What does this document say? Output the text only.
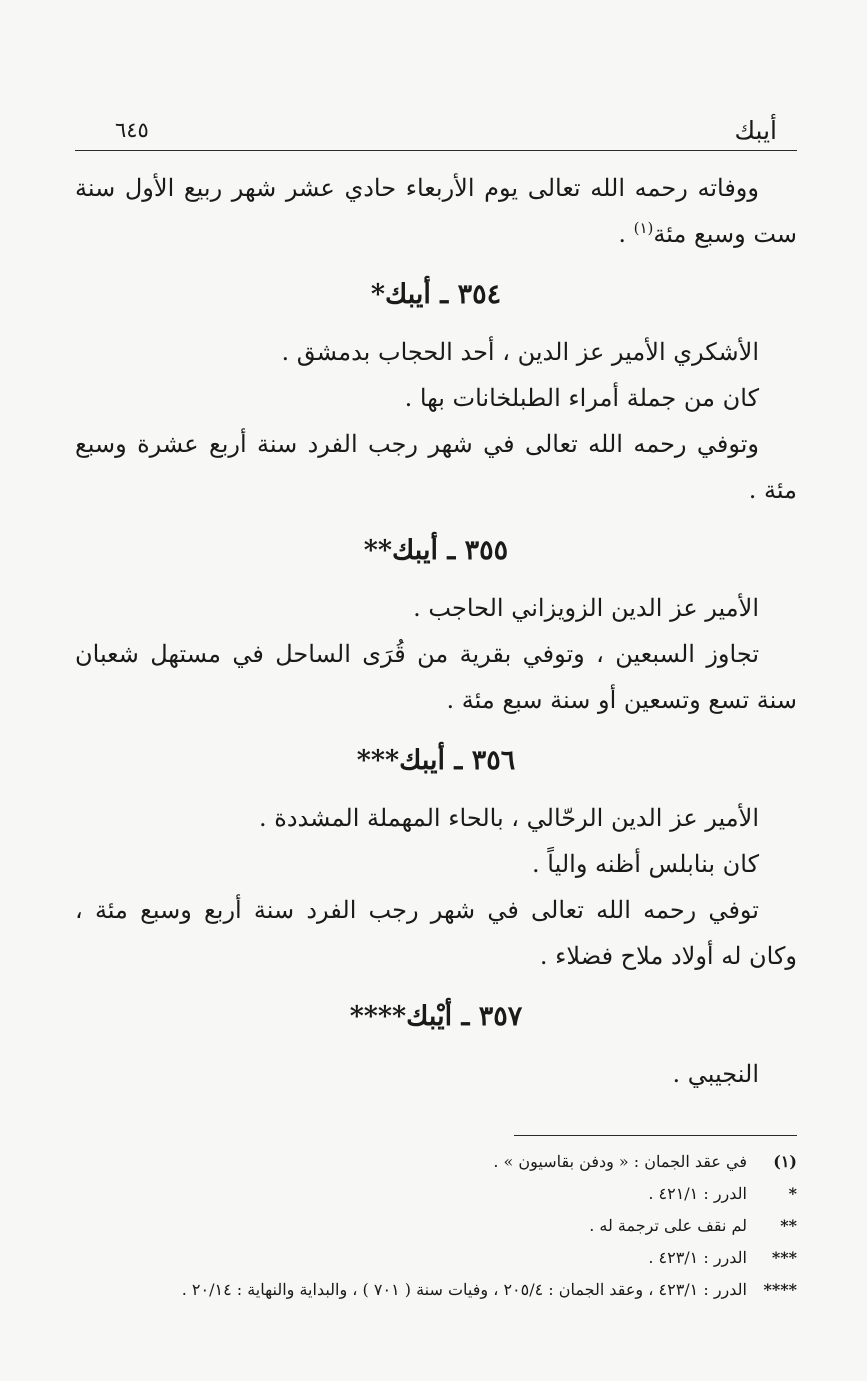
أيبك
٦٤٥

ووفاته رحمه الله تعالى يوم الأربعاء حادي عشر شهر ربيع الأول سنة ست وسبع مئة$^{(١)}$ .

٣٥٤ ـ أيبك*

الأشكري الأمير عز الدين ، أحد الحجاب بدمشق .

كان من جملة أمراء الطبلخانات بها .

وتوفي رحمه الله تعالى في شهر رجب الفرد سنة أربع عشرة وسبع مئة .

٣٥٥ ـ أيبك**

الأمير عز الدين الزويزاني الحاجب .

تجاوز السبعين ، وتوفي بقرية من قُرَى الساحل في مستهل شعبان سنة تسع وتسعين أو سنة سبع مئة .

٣٥٦ ـ أيبك***

الأمير عز الدين الرحّالي ، بالحاء المهملة المشددة .

كان بنابلس أظنه والياً .

توفي رحمه الله تعالى في شهر رجب الفرد سنة أربع وسبع مئة ، وكان له أولاد ملاح فضلاء .

٣٥٧ ـ أيْبك****

النجيبي .

(١)
في عقد الجمان : « ودفن بقاسيون » .
*
الدرر : ٤٢١/١ .
**
لم نقف على ترجمة له .
***
الدرر : ٤٢٣/١ .
****
الدرر : ٤٢٣/١ ، وعقد الجمان : ٢٠٥/٤ ، وفيات سنة ( ٧٠١ ) ، والبداية والنهاية : ٢٠/١٤ .
